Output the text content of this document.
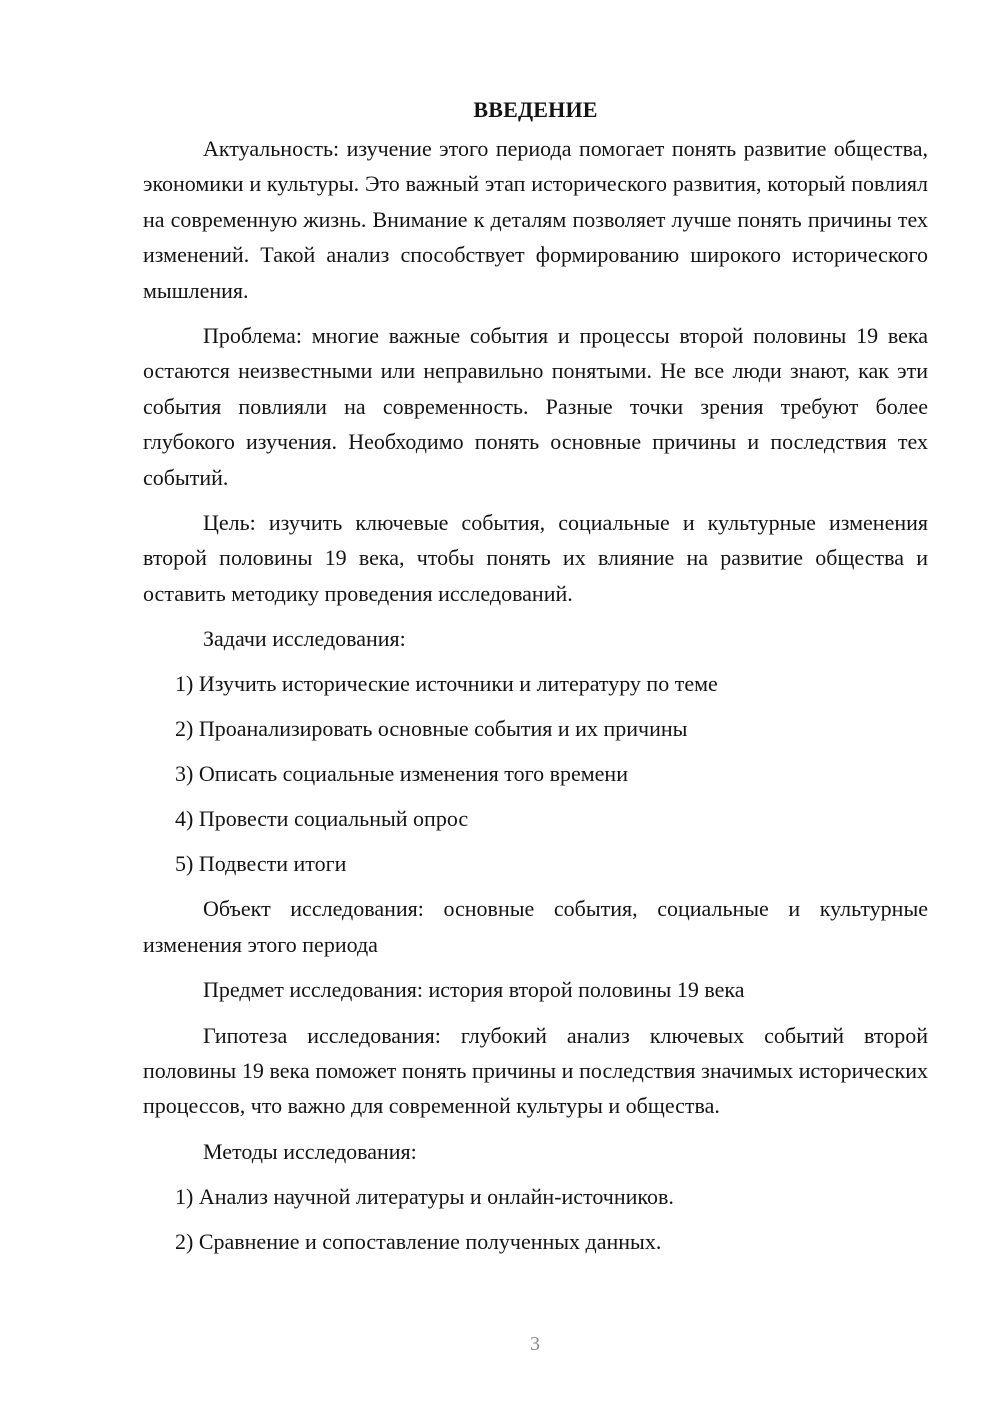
ВВЕДЕНИЕ

Актуальность: изучение этого периода помогает понять развитие общества, экономики и культуры. Это важный этап исторического развития, который повлиял на современную жизнь. Внимание к деталям позволяет лучше понять причины тех изменений. Такой анализ способствует формированию широкого исторического мышления.

Проблема: многие важные события и процессы второй половины 19 века остаются неизвестными или неправильно понятыми. Не все люди знают, как эти события повлияли на современность. Разные точки зрения требуют более глубокого изучения. Необходимо понять основные причины и последствия тех событий.

Цель: изучить ключевые события, социальные и культурные изменения второй половины 19 века, чтобы понять их влияние на развитие общества и оставить методику проведения исследований.

Задачи исследования:

1) Изучить исторические источники и литературу по теме
2) Проанализировать основные события и их причины
3) Описать социальные изменения того времени
4) Провести социальный опрос
5) Подвести итоги

Объект исследования: основные события, социальные и культурные изменения этого периода

Предмет исследования: история второй половины 19 века

Гипотеза исследования: глубокий анализ ключевых событий второй половины 19 века поможет понять причины и последствия значимых исторических процессов, что важно для современной культуры и общества.

Методы исследования:

1) Анализ научной литературы и онлайн-источников.
2) Сравнение и сопоставление полученных данных.
3
